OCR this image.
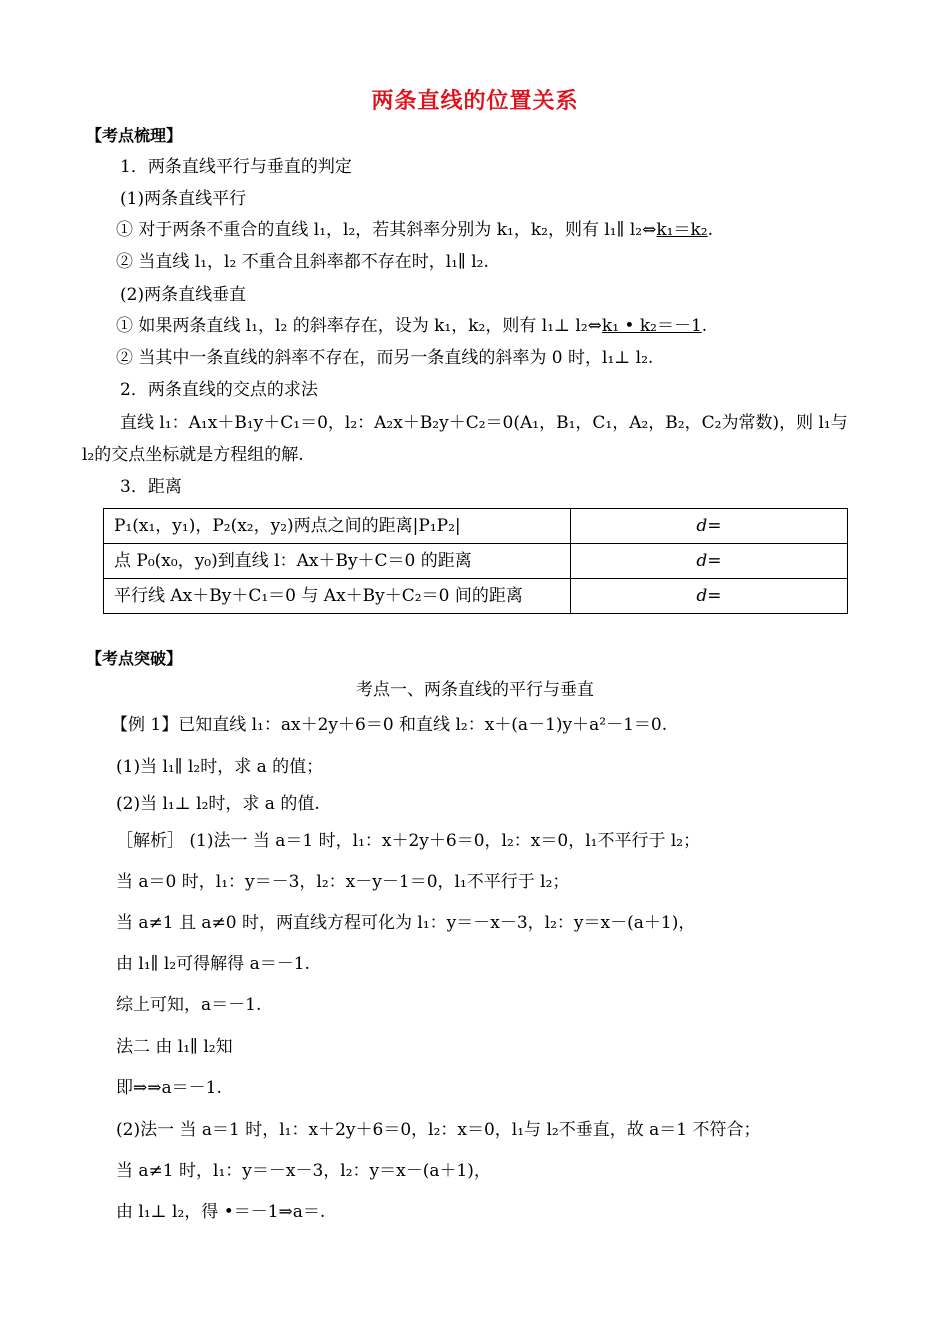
两条直线的位置关系
【考点梳理】
1．两条直线平行与垂直的判定
(1)两条直线平行
① 对于两条不重合的直线 l₁，l₂，若其斜率分别为 k₁，k₂，则有 l₁∥ l₂⇔k₁＝k₂.
② 当直线 l₁，l₂ 不重合且斜率都不存在时，l₁∥ l₂.
(2)两条直线垂直
① 如果两条直线 l₁，l₂ 的斜率存在，设为 k₁，k₂，则有 l₁⊥ l₂⇔k₁ • k₂＝－1.
② 当其中一条直线的斜率不存在，而另一条直线的斜率为 0 时，l₁⊥ l₂.
2．两条直线的交点的求法
直线 l₁：A₁x＋B₁y＋C₁＝0，l₂：A₂x＋B₂y＋C₂＝0(A₁，B₁，C₁，A₂，B₂，C₂为常数)，则 l₁与
l₂的交点坐标就是方程组的解.
3．距离
P₁(x₁，y₁)，P₂(x₂，y₂)两点之间的距离|P₁P₂|	d=
点 P₀(x₀，y₀)到直线 l：Ax＋By＋C＝0 的距离	d=
平行线 Ax＋By＋C₁＝0 与 Ax＋By＋C₂＝0 间的距离	d=
【考点突破】
考点一、两条直线的平行与垂直
【例 1】已知直线 l₁：ax＋2y＋6＝0 和直线 l₂：x＋(a－1)y＋a²－1＝0.
(1)当 l₁∥ l₂时，求 a 的值；
(2)当 l₁⊥ l₂时，求 a 的值.
［解析］ (1)法一 当 a＝1 时，l₁：x＋2y＋6＝0，l₂：x＝0，l₁不平行于 l₂；
当 a＝0 时，l₁：y＝－3，l₂：x－y－1＝0，l₁不平行于 l₂；
当 a≠1 且 a≠0 时，两直线方程可化为 l₁：y＝－x－3，l₂：y＝x－(a＋1)，
由 l₁∥ l₂可得解得 a＝－1.
综上可知，a＝－1.
法二 由 l₁∥ l₂知
即⇒⇒a＝－1.
(2)法一 当 a＝1 时，l₁：x＋2y＋6＝0，l₂：x＝0，l₁与 l₂不垂直，故 a＝1 不符合；
当 a≠1 时，l₁：y＝－x－3，l₂：y＝x－(a＋1)，
由 l₁⊥ l₂，得 •＝－1⇒a＝.
